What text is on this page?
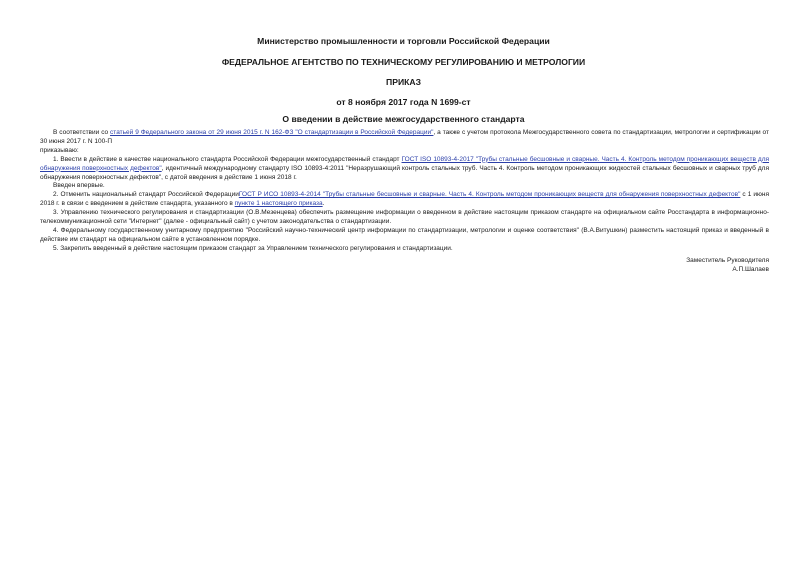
Министерство промышленности и торговли Российской Федерации
ФЕДЕРАЛЬНОЕ АГЕНТСТВО ПО ТЕХНИЧЕСКОМУ РЕГУЛИРОВАНИЮ И МЕТРОЛОГИИ
ПРИКАЗ
от 8 ноября 2017 года N 1699-ст
О введении в действие межгосударственного стандарта

В соответствии со статьей 9 Федерального закона от 29 июня 2015 г. N 162-ФЗ "О стандартизации в Российской Федерации", а также с учетом протокола Межгосударственного совета по стандартизации, метрологии и сертификации от 30 июня 2017 г. N 100-П

приказываю:

1. Ввести в действие в качестве национального стандарта Российской Федерации межгосударственный стандарт ГОСТ ISO 10893-4-2017 "Трубы стальные бесшовные и сварные. Часть 4. Контроль методом проникающих веществ для обнаружения поверхностных дефектов", идентичный международному стандарту ISO 10893-4:2011 "Неразрушающий контроль стальных труб. Часть 4. Контроль методом проникающих жидкостей стальных бесшовных и сварных труб для обнаружения поверхностных дефектов", с датой введения в действие 1 июня 2018 г.

Введен впервые.

2. Отменить национальный стандарт Российской ФедерацииГОСТ Р ИСО 10893-4-2014 "Трубы стальные бесшовные и сварные. Часть 4. Контроль методом проникающих веществ для обнаружения поверхностных дефектов" с 1 июня 2018 г. в связи с введением в действие стандарта, указанного в пункте 1 настоящего приказа.

3. Управлению технического регулирования и стандартизации (О.В.Мезенцева) обеспечить размещение информации о введенном в действие настоящим приказом стандарте на официальном сайте Росстандарта в информационно-телекоммуникационной сети "Интернет" (далее - официальный сайт) с учетом законодательства о стандартизации.

4. Федеральному государственному унитарному предприятию "Российский научно-технический центр информации по стандартизации, метрологии и оценке соответствия" (В.А.Витушкин) разместить настоящий приказ и введенный в действие им стандарт на официальном сайте в установленном порядке.

5. Закрепить введенный в действие настоящим приказом стандарт за Управлением технического регулирования и стандартизации.

Заместитель Руководителя
А.П.Шалаев
